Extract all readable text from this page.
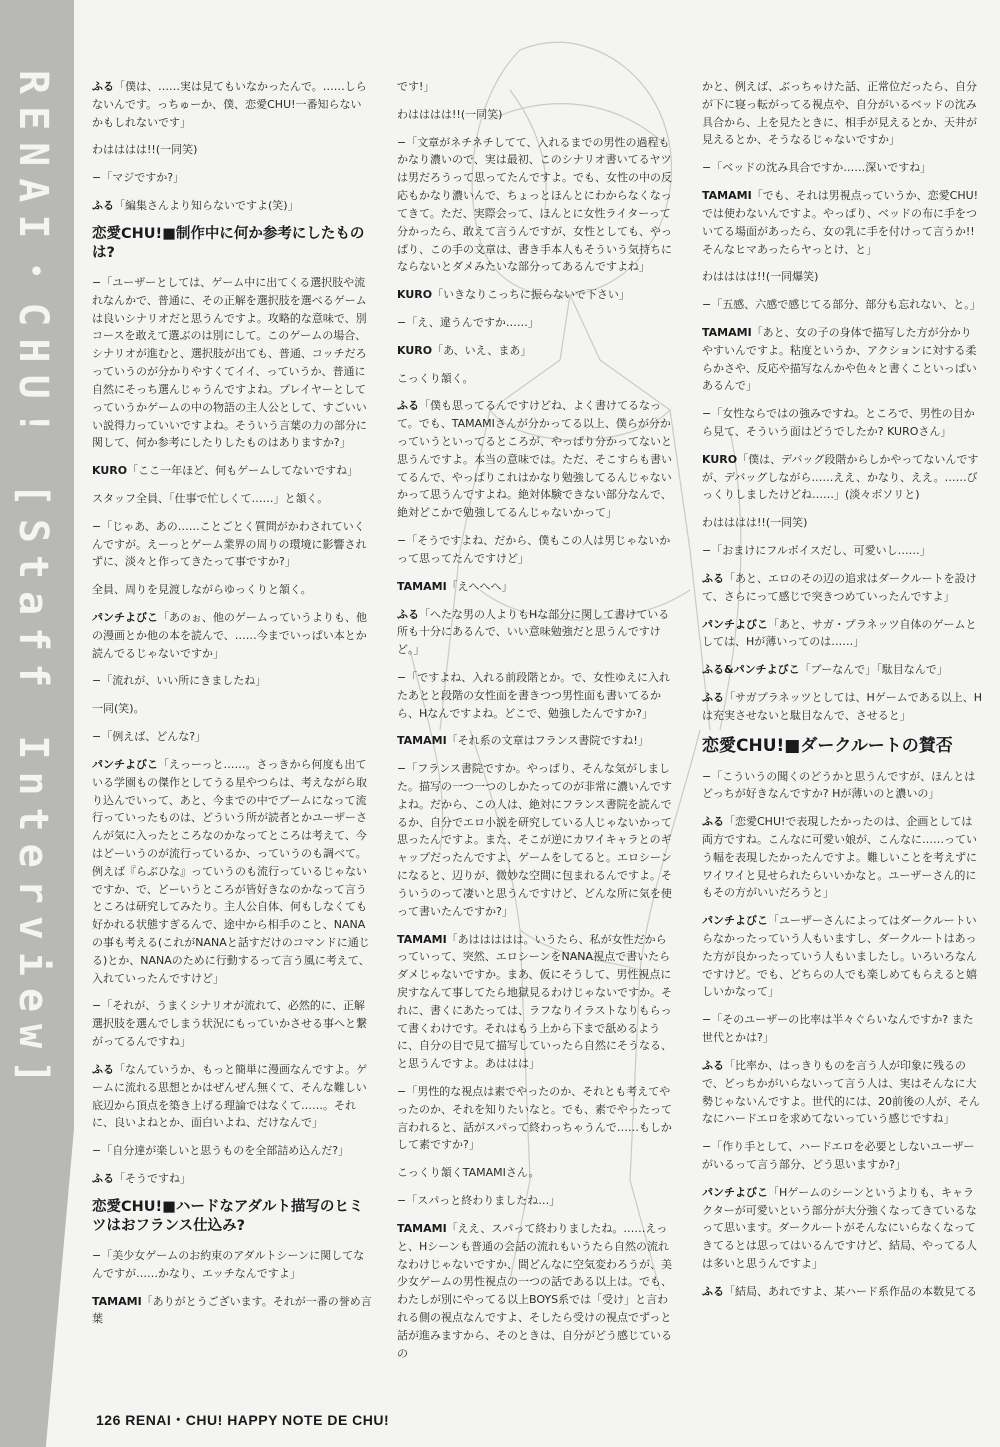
RENAI・CHU! [Staff Interview]	ふる「僕は、……実は見てもいなかったんで。……しらないんです。っちゅーか、僕、恋愛CHU!一番知らないかもしれないです」

わはははは!!(一同笑)

−「マジですか?」

ふる「編集さんより知らないですよ(笑)」

恋愛CHU!■制作中に何か参考にしたものは?

−「ユーザーとしては、ゲーム中に出てくる選択肢や流れなんかで、普通に、その正解を選択肢を選べるゲームは良いシナリオだと思うんですよ。攻略的な意味で、別コースを敢えて選ぶのは別にして。このゲームの場合、シナリオが進むと、選択肢が出ても、普通、コッチだろっていうのが分かりやすくてイイ、っていうか、普通に自然にそっち選んじゃうんですよね。プレイヤーとしてっていうかゲームの中の物語の主人公として、すごいいい説得力っていいですよね。そういう言葉の力の部分に関して、何か参考にしたりしたものはありますか?」

KURO「ここ一年ほど、何もゲームしてないですね」

スタッフ全員、「仕事で忙しくて……」と頷く。

−「じゃあ、あの……ことごとく質問がかわされていくんですが。えーっとゲーム業界の周りの環境に影響されずに、淡々と作ってきたって事ですか?」

全員、周りを見渡しながらゆっくりと頷く。

パンチよびこ「あのぉ、他のゲームっていうよりも、他の漫画とか他の本を読んで、……今までいっぱい本とか読んでるじゃないですか」

−「流れが、いい所にきましたね」

一同(笑)。

−「例えば、どんな?」

パンチよびこ「えっーっと……。さっきから何度も出ている学園もの傑作としてうる星やつらは、考えながら取り込んでいって、あと、今までの中でブームになって流行っていったものは、どういう所が読者とかユーザーさんが気に入ったところなのかなってところは考えて、今はどーいうのが流行っているか、っていうのも調べて。例えば『らぶひな』っていうのも流行っているじゃないですか、で、どーいうところが皆好きなのかなって言うところは研究してみたり。主人公自体、何もしなくても好かれる状態すぎるんで、途中から相手のこと、NANAの事も考える(これがNANAと話すだけのコマンドに通じる)とか、NANAのために行動するって言う風に考えて、入れていったんですけど」

−「それが、うまくシナリオが流れて、必然的に、正解選択肢を選んでしまう状況にもっていかさせる事へと繋がってるんですね」

ふる「なんていうか、もっと簡単に漫画なんですよ。ゲームに流れる思想とかはぜんぜん無くて、そんな難しい底辺から頂点を築き上げる理論ではなくて……。それに、良いよねとか、面白いよね、だけなんで」

−「自分達が楽しいと思うものを全部詰め込んだ?」

ふる「そうですね」

恋愛CHU!■ハードなアダルト描写のヒミツはおフランス仕込み?

−「美少女ゲームのお約束のアダルトシーンに関してなんですが……かなり、エッチなんですよ」

TAMAMI「ありがとうございます。それが一番の誉め言葉

です!」

わはははは!!(一同笑)

−「文章がネチネチしてて、入れるまでの男性の過程もかなり濃いので、実は最初、このシナリオ書いてるヤツは男だろうって思ってたんですよ。でも、女性の中の反応もかなり濃いんで、ちょっとほんとにわからなくなってきて。ただ、実際会って、ほんとに女性ライターって分かったら、敢えて言うんですが、女性としても、やっぱり、この手の文章は、書き手本人もそういう気持ちにならないとダメみたいな部分ってあるんですよね」

KURO「いきなりこっちに振らないで下さい」

−「え、違うんですか……」

KURO「あ、いえ、まあ」

こっくり頷く。

ふる「僕も思ってるんですけどね、よく書けてるなって。でも、TAMAMIさんが分かってる以上、僕らが分かっていうといってるところが、やっぱり分かってないと思うんですよ。本当の意味では。ただ、そこすらも書いてるんで、やっぱりこれはかなり勉強してるんじゃないかって思うんですよね。絶対体験できない部分なんで、絶対どこかで勉強してるんじゃないかって」

−「そうですよね、だから、僕もこの人は男じゃないかって思ってたんですけど」

TAMAMI「えへへへ」

ふる「へたな男の人よりもHな部分に関して書けている所も十分にあるんで、いい意味勉強だと思うんですけど。」

−「ですよね、入れる前段階とか。で、女性ゆえに入れたあとと段階の女性面を書きつつ男性面も書いてるから、Hなんですよね。どこで、勉強したんですか?」

TAMAMI「それ系の文章はフランス書院ですね!」

−「フランス書院ですか。やっぱり、そんな気がしました。描写の一つ一つのしかたってのが非常に濃いんですよね。だから、この人は、絶対にフランス書院を読んでるか、自分でエロ小説を研究している人じゃないかって思ったんですよ。また、そこが逆にカワイキャラとのギャップだったんですよ、ゲームをしてると。エロシーンになると、辺りが、微妙な空間に包まれるんですよ。そういうのって凄いと思うんですけど、どんな所に気を使って書いたんですか?」

TAMAMI「あははははは。いうたら、私が女性だからっていって、突然、エロシーンをNANA視点で書いたらダメじゃないですか。まあ、仮にそうして、男性視点に戻すなんて事してたら地獄見るわけじゃないですか。それに、書くにあたっては、ラフなりイラストなりもらって書くわけです。それはもう上から下まで舐めるように、自分の目で見て描写していったら自然にそうなる、と思うんですよ。あははは」

−「男性的な視点は素でやったのか、それとも考えてやったのか、それを知りたいなと。でも、素でやったって言われると、話がスパって終わっちゃうんで……もしかして素ですか?」

こっくり頷くTAMAMIさん。

−「スパっと終わりましたね…」

TAMAMI「ええ、スパって終わりましたね。……えっと、Hシーンも普通の会話の流れもいうたら自然の流れなわけじゃないですか、間どんなに空気変わろうが、美少女ゲームの男性視点の一つの話である以上は。でも、わたしが別にやってる以上BOYS系では「受け」と言われる側の視点なんですよ、そしたら受けの視点でずっと話が進みますから、そのときは、自分がどう感じているの

かと、例えば、ぶっちゃけた話、正常位だったら、自分が下に寝っ転がってる視点や、自分がいるベッドの沈み具合から、上を見たときに、相手が見えるとか、天井が見えるとか、そうなるじゃないですか」

−「ベッドの沈み具合ですか……深いですね」

TAMAMI「でも、それは男視点っていうか、恋愛CHU!では使わないんですよ。やっぱり、ベッドの布に手をついてる場面があったら、女の乳に手を付けって言うか!! そんなヒマあったらヤっとけ、と」

わはははは!!(一同爆笑)

−「五感、六感で感じてる部分、部分も忘れない、と。」

TAMAMI「あと、女の子の身体で描写した方が分かりやすいんですよ。粘度というか、アクションに対する柔らかさや、反応や描写なんかや色々と書くこといっぱいあるんで」

−「女性ならではの強みですね。ところで、男性の目から見て、そういう面はどうでしたか? KUROさん」

KURO「僕は、デバッグ段階からしかやってないんですが、デバッグしながら……ええ、かなり、ええ。……びっくりしましたけどね……」(淡々ボソリと)

わはははは!!(一同笑)

−「おまけにフルボイスだし、可愛いし……」

ふる「あと、エロのその辺の追求はダークルートを設けて、さらにって感じで突きつめていったんですよ」

パンチよびこ「あと、サガ・プラネッツ自体のゲームとしては、Hが薄いってのは……」

ふる&パンチよびこ「ブーなんで」「駄目なんで」

ふる「サガプラネッツとしては、Hゲームである以上、Hは充実させないと駄目なんで、させると」

恋愛CHU!■ダークルートの賛否

−「こういうの聞くのどうかと思うんですが、ほんとはどっちが好きなんですか? Hが薄いのと濃いの」

ふる「恋愛CHU!で表現したかったのは、企画としては両方ですね。こんなに可愛い娘が、こんなに……っていう幅を表現したかったんですよ。難しいことを考えずにワイワイと見せられたらいいかなと。ユーザーさん的にもその方がいいだろうと」

パンチよびこ「ユーザーさんによってはダークルートいらなかったっていう人もいますし、ダークルートはあった方が良かったっていう人もいましたし。いろいろなんですけど。でも、どちらの人でも楽しめてもらえると嬉しいかなって」

−「そのユーザーの比率は半々ぐらいなんですか? また世代とかは?」

ふる「比率か、はっきりものを言う人が印象に残るので、どっちかがいらないって言う人は、実はそんなに大勢じゃないんですよ。世代的には、20前後の人が、そんなにハードエロを求めてないっていう感じですね」

−「作り手として、ハードエロを必要としないユーザーがいるって言う部分、どう思いますか?」

パンチよびこ「Hゲームのシーンというよりも、キャラクターが可愛いという部分が大分強くなってきているなって思います。ダークルートがそんなにいらなくなってきてるとは思ってはいるんですけど、結局、やってる人は多いと思うんですよ」

ふる「結局、あれですよ、某ハード系作品の本数見てる

126 RENAI・CHU! HAPPY NOTE DE CHU!
